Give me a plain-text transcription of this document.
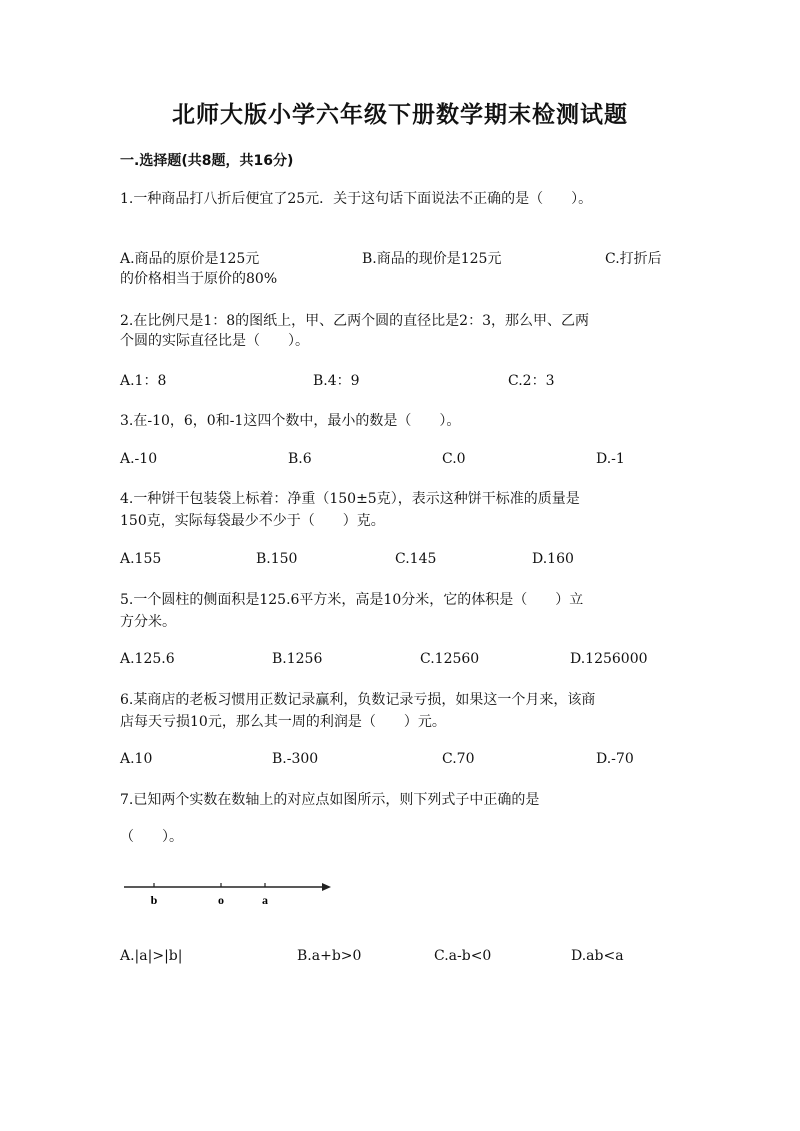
北师大版小学六年级下册数学期末检测试题
一.选择题(共8题，共16分)
1.一种商品打八折后便宜了25元．关于这句话下面说法不正确的是（　　）。
A.商品的原价是125元	B.商品的现价是125元	C.打折后
的价格相当于原价的80%
2.在比例尺是1：8的图纸上，甲、乙两个圆的直径比是2：3，那么甲、乙两
个圆的实际直径比是（　　）。
A.1：8	B.4：9	C.2：3
3.在-10，6，0和-1这四个数中，最小的数是（　　）。
A.-10	B.6	C.0	D.-1
4.一种饼干包装袋上标着：净重（150±5克），表示这种饼干标准的质量是
150克，实际每袋最少不少于（　　）克。
A.155	B.150	C.145	D.160
5.一个圆柱的侧面积是125.6平方米，高是10分米，它的体积是（　　）立
方分米。
A.125.6	B.1256	C.12560	D.1256000
6.某商店的老板习惯用正数记录赢利，负数记录亏损，如果这一个月来，该商
店每天亏损10元，那么其一周的利润是（　　）元。
A.10	B.-300	C.70	D.-70
7.已知两个实数在数轴上的对应点如图所示，则下列式子中正确的是
（　　）。
b	o	a
A.|a|>|b|	B.a+b>0	C.a-b<0	D.ab<a
